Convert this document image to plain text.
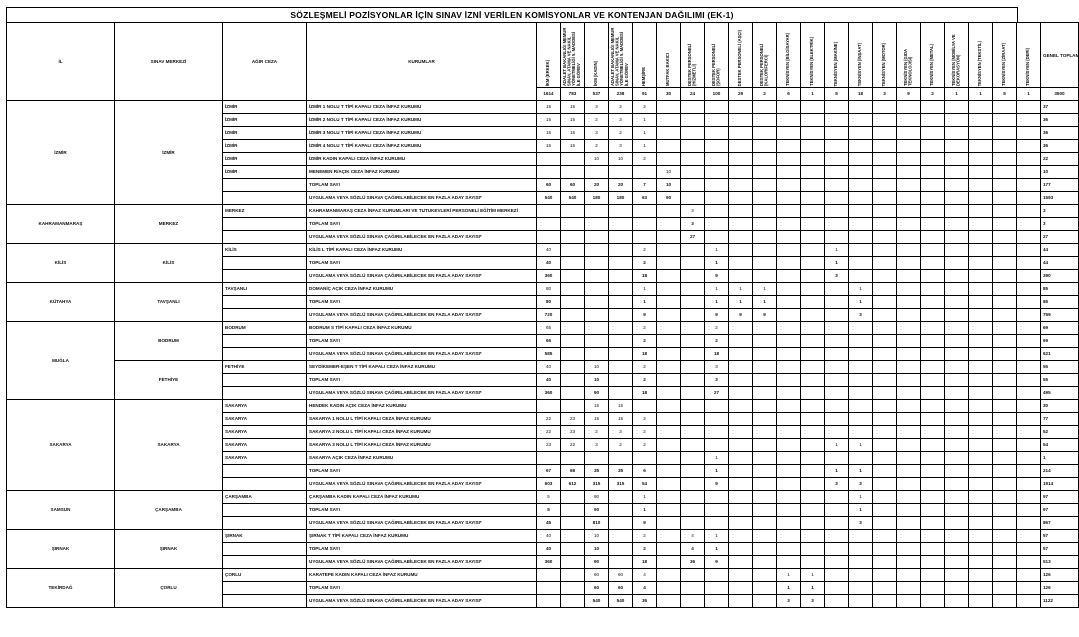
SÖZLEŞMELİ POZİSYONLAR İÇİN SINAV İZNİ VERİLEN KOMİSYONLAR VE KONTENJAN DAĞILIMI (EK-1)
İL	SINAV MERKEZİ	AĞIR CEZA	KURUMLAR	İKM (ERKEK)	ADALET BAKANLIĞI MEMUR SINAV, ATAMA VE NAKİL YÖNETMELİĞİ 5. MADDESİ İLE GÖREV	İKM (KADIN)	ADALET BAKANLIĞI MEMUR SINAV, ATAMA VE NAKİL YÖNETMELİĞİ 5. MADDESİ İLE GÖREV	HEMŞİRE	MUTFAK BAKICI	DESTEK PERSONELİ (HİZMETLİ)	DESTEK PERSONELİ (ŞOFÖR)	DESTEK PERSONELİ (AŞÇI)	DESTEK PERSONELİ (KALORİFERCİ)	TEKNİSYEN (BİLGİSAYAR)	TEKNİSYEN (ELEKTRİK)	TEKNİSYEN (MAKİNE)	TEKNİSYEN (İNŞAAT)	TEKNİSYEN (MOTOR)	TEKNİSYEN (GIDA TEKNOLOJİSİ)	TEKNİSYEN (METAL)	TEKNİSYEN (MOBİLYA VE DEKORASYON)	TEKNİSYEN (TEKSTİL)	TEKNİSYEN (ZİRAAT)	TEKNİSYEN (DERİ)	GENEL TOPLAM
				1614	783	537	238	91	30	24	100	29	2	6	1	5	18	3	9	2	1	1	5	1	3500
İZMİR	İZMİR	İZMİR	İZMİR 1 NOLU T TİPİ KAPALI CEZA İNFAZ KURUMU	15	15	3	2	2																	37
		İZMİR	İZMİR 2 NOLU T TİPİ KAPALI CEZA İNFAZ KURUMU	15	15	2	3	1																	36
		İZMİR	İZMİR 3 NOLU T TİPİ KAPALI CEZA İNFAZ KURUMU	15	15	3	2	1																	36
		İZMİR	İZMİR 4 NOLU T TİPİ KAPALI CEZA İNFAZ KURUMU	15	15	2	3	1																	36
		İZMİR	İZMİR KADIN KAPALI CEZA İNFAZ KURUMU			10	10	2																	22
		İZMİR	MENEMEN R/AÇIK CEZA İNFAZ KURUMU						10																10
			TOPLAM SAYI	60	60	20	20	7	10																177
			UYGULAMA VEYA SÖZLÜ SINAVA ÇAĞIRILABİLECEK EN FAZLA ADAY SAYISI*	540	540	180	180	63	90																1593
KAHRAMANMARAŞ	MERKEZ	MERKEZ	KAHRAMANMARAŞ CEZA İNFAZ KURUMLARI VE TUTUKEVLERİ PERSONELİ EĞİTİM MERKEZİ							3															3
			TOPLAM SAYI							3															3
			UYGULAMA VEYA SÖZLÜ SINAVA ÇAĞIRILABİLECEK EN FAZLA ADAY SAYISI*							27															27
KİLİS	KİLİS	KİLİS	KİLİS L TİPİ KAPALI CEZA İNFAZ KURUMU	40				2			1					1									44
			TOPLAM SAYI	40				2			1					1									44
			UYGULAMA VEYA SÖZLÜ SINAVA ÇAĞIRILABİLECEK EN FAZLA ADAY SAYISI*	360				18			9					3									390
KÜTAHYA	TAVŞANLI	TAVŞANLI	DOMANİÇ AÇIK CEZA İNFAZ KURUMU	80				1			1	1	1				1								85
			TOPLAM SAYI	80				1			1	1	1				1								85
			UYGULAMA VEYA SÖZLÜ SINAVA ÇAĞIRILABİLECEK EN FAZLA ADAY SAYISI*	720				9			9	9	9				3								759
MUĞLA	BODRUM	BODRUM	BODRUM S TİPİ KAPALI CEZA İNFAZ KURUMU	65				2			2														69
			TOPLAM SAYI	65				2			2														69
			UYGULAMA VEYA SÖZLÜ SINAVA ÇAĞIRILABİLECEK EN FAZLA ADAY SAYISI*	585				18			18														621
	FETHİYE	FETHİYE	SEYDİKEMER-EŞEN T TİPİ KAPALI CEZA İNFAZ KURUMU	40		10		2			3														55
			TOPLAM SAYI	40		10		2			3														55
			UYGULAMA VEYA SÖZLÜ SINAVA ÇAĞIRILABİLECEK EN FAZLA ADAY SAYISI*	360		90		18			27														495
SAKARYA	SAKARYA	SAKARYA	HENDEK KADIN AÇIK CEZA İNFAZ KURUMU			15	15																		30
		SAKARYA	SAKARYA 1 NOLU L TİPİ KAPALI CEZA İNFAZ KURUMU	22	23	15	15	2																	77
		SAKARYA	SAKARYA 2 NOLU L TİPİ KAPALI CEZA İNFAZ KURUMU	22	23	2	3	2																	52
		SAKARYA	SAKARYA 3 NOLU L TİPİ KAPALI CEZA İNFAZ KURUMU	23	22	3	2	2								1	1								54
		SAKARYA	SAKARYA AÇIK CEZA İNFAZ KURUMU								1														1
			TOPLAM SAYI	67	68	35	35	6			1					1	1								214
			UYGULAMA VEYA SÖZLÜ SINAVA ÇAĞIRILABİLECEK EN FAZLA ADAY SAYISI*	603	612	315	315	54			9					3	3								1914
SAMSUN	ÇARŞAMBA	ÇARŞAMBA	ÇARŞAMBA KADIN KAPALI CEZA İNFAZ KURUMU	5		90		1									1								97
			TOPLAM SAYI	5		90		1									1								97
			UYGULAMA VEYA SÖZLÜ SINAVA ÇAĞIRILABİLECEK EN FAZLA ADAY SAYISI*	45		810		9									3								867
ŞIRNAK	ŞIRNAK	ŞIRNAK	ŞIRNAK T TİPİ KAPALI CEZA İNFAZ KURUMU	40		10		2		4	1														57
			TOPLAM SAYI	40		10		2		4	1														57
			UYGULAMA VEYA SÖZLÜ SINAVA ÇAĞIRILABİLECEK EN FAZLA ADAY SAYISI*	360		90		18		36	9														513
TEKİRDAĞ	ÇORLU	ÇORLU	KARATEPE KADIN KAPALI CEZA İNFAZ KURUMU			60	60	4						1	1										126
			TOPLAM SAYI			60	60	4						1	1										126
			UYGULAMA VEYA SÖZLÜ SINAVA ÇAĞIRILABİLECEK EN FAZLA ADAY SAYISI*			540	540	36						3	3										1122
